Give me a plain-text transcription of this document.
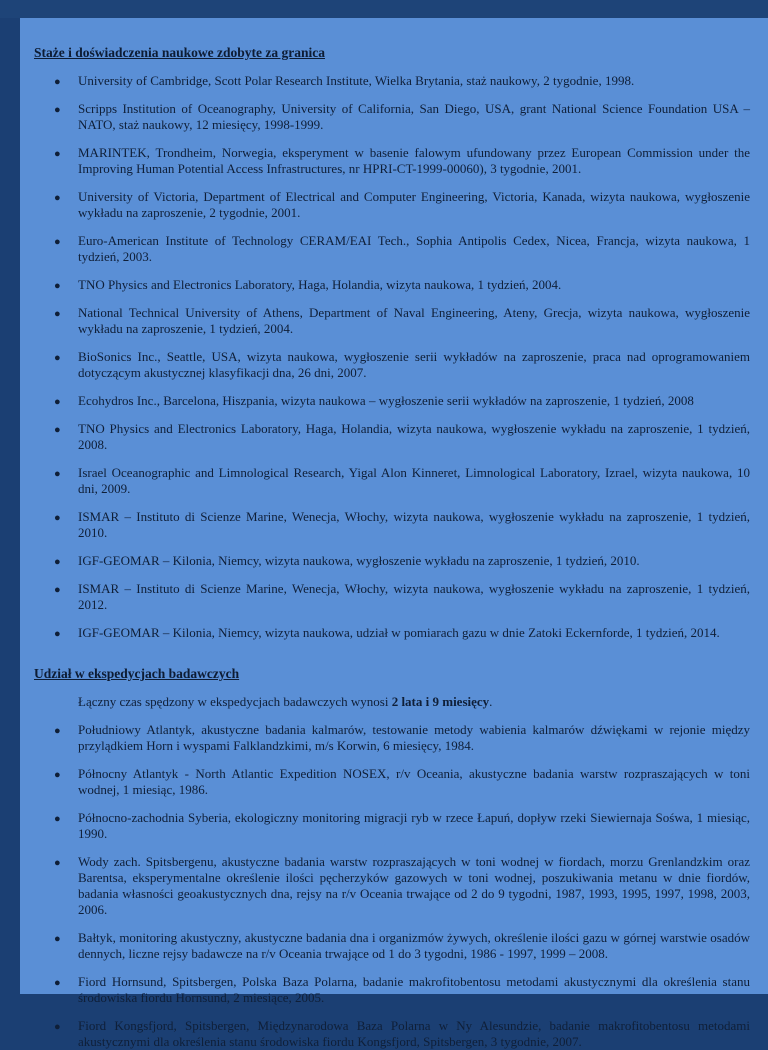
Staże i doświadczenia naukowe zdobyte za granica
● University of Cambridge, Scott Polar Research Institute, Wielka Brytania, staż naukowy, 2 tygodnie, 1998.
● Scripps Institution of Oceanography, University of California, San Diego, USA, grant National Science Foundation USA – NATO, staż naukowy, 12 miesięcy, 1998-1999.
● MARINTEK, Trondheim, Norwegia, eksperyment w basenie falowym ufundowany przez European Commission under the Improving Human Potential Access Infrastructures, nr HPRI-CT-1999-00060), 3 tygodnie, 2001.
● University of Victoria, Department of Electrical and Computer Engineering, Victoria, Kanada, wizyta naukowa, wygłoszenie wykładu na zaproszenie, 2 tygodnie, 2001.
● Euro-American Institute of Technology CERAM/EAI Tech., Sophia Antipolis Cedex, Nicea, Francja, wizyta naukowa, 1 tydzień, 2003.
● TNO Physics and Electronics Laboratory, Haga, Holandia, wizyta naukowa, 1 tydzień, 2004.
● National Technical University of Athens, Department of Naval Engineering, Ateny, Grecja, wizyta naukowa, wygłoszenie wykładu na zaproszenie, 1 tydzień, 2004.
● BioSonics Inc., Seattle, USA, wizyta naukowa, wygłoszenie serii wykładów na zaproszenie, praca nad oprogramowaniem dotyczącym akustycznej klasyfikacji dna, 26 dni, 2007.
● Ecohydros Inc., Barcelona, Hiszpania, wizyta naukowa – wygłoszenie serii wykładów na zaproszenie, 1 tydzień, 2008
● TNO Physics and Electronics Laboratory, Haga, Holandia, wizyta naukowa, wygłoszenie wykładu na zaproszenie, 1 tydzień, 2008.
● Israel Oceanographic and Limnological Research, Yigal Alon Kinneret, Limnological Laboratory, Izrael, wizyta naukowa, 10 dni, 2009.
● ISMAR – Instituto di Scienze Marine, Wenecja, Włochy, wizyta naukowa, wygłoszenie wykładu na zaproszenie, 1 tydzień, 2010.
● IGF-GEOMAR – Kilonia, Niemcy, wizyta naukowa, wygłoszenie wykładu na zaproszenie, 1 tydzień, 2010.
● ISMAR – Instituto di Scienze Marine, Wenecja, Włochy, wizyta naukowa, wygłoszenie wykładu na zaproszenie, 1 tydzień, 2012.
● IGF-GEOMAR – Kilonia, Niemcy, wizyta naukowa, udział w pomiarach gazu w dnie Zatoki Eckernforde, 1 tydzień, 2014.
Udział w ekspedycjach badawczych
Łączny czas spędzony w ekspedycjach badawczych wynosi 2 lata i 9 miesięcy.
● Południowy Atlantyk, akustyczne badania kalmarów, testowanie metody wabienia kalmarów dźwiękami w rejonie między przylądkiem Horn i wyspami Falklandzkimi, m/s Korwin, 6 miesięcy, 1984.
● Północny Atlantyk - North Atlantic Expedition NOSEX, r/v Oceania, akustyczne badania warstw rozpraszających w toni wodnej, 1 miesiąc, 1986.
● Północno-zachodnia Syberia, ekologiczny monitoring migracji ryb w rzece Łapuń, dopływ rzeki Siewiernaja Sośwa, 1 miesiąc, 1990.
● Wody zach. Spitsbergenu, akustyczne badania warstw rozpraszających w toni wodnej w fiordach, morzu Grenlandzkim oraz Barentsa, eksperymentalne określenie ilości pęcherzyków gazowych w toni wodnej, poszukiwania metanu w dnie fiordów, badania własności geoakustycznych dna, rejsy na r/v Oceania trwające od 2 do 9 tygodni, 1987, 1993, 1995, 1997, 1998, 2003, 2006.
● Bałtyk, monitoring akustyczny, akustyczne badania dna i organizmów żywych, określenie ilości gazu w górnej warstwie osadów dennych, liczne rejsy badawcze na r/v Oceania trwające od 1 do 3 tygodni, 1986 - 1997, 1999 – 2008.
● Fiord Hornsund, Spitsbergen, Polska Baza Polarna, badanie makrofitobentosu metodami akustycznymi dla określenia stanu środowiska fiordu Hornsund, 2 miesiące, 2005.
● Fiord Kongsfjord, Spitsbergen, Międzynarodowa Baza Polarna w Ny Alesundzie, badanie makrofitobentosu metodami akustycznymi dla określenia stanu środowiska fiordu Kongsfjord, Spitsbergen, 3 tygodnie, 2007.
